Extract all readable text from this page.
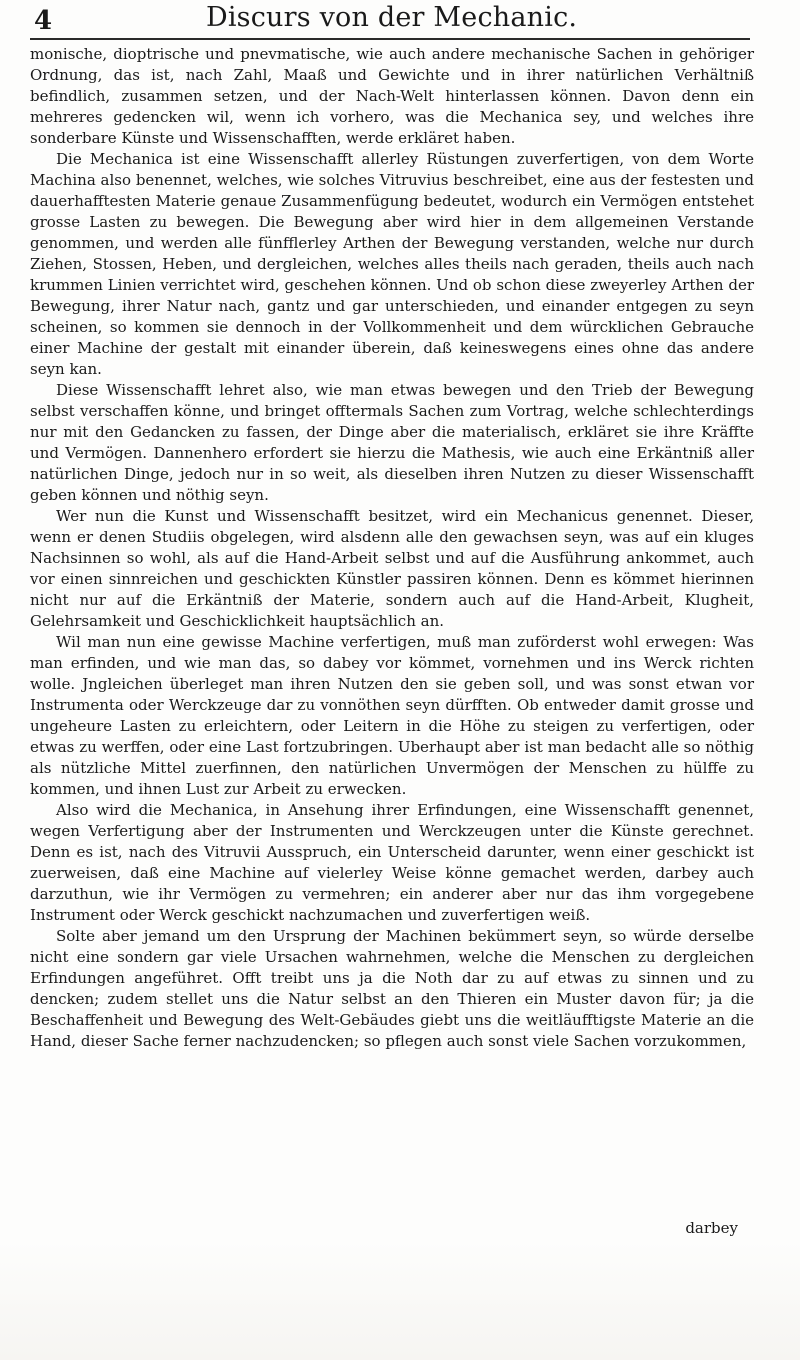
4	Discurs von der Mechanic.

monische, dioptrische und pnevmatische, wie auch andere mechanische Sachen in gehöriger Ordnung, das ist, nach Zahl, Maaß und Gewichte und in ihrer natürlichen Verhältniß befindlich, zusammen setzen, und der Nach-Welt hinterlassen können. Davon denn ein mehreres gedencken wil, wenn ich vorhero, was die Mechanica sey, und welches ihre sonderbare Künste und Wissenschafften, werde erkläret haben.

Die Mechanica ist eine Wissenschafft allerley Rüstungen zuverfertigen, von dem Worte Machina also benennet, welches, wie solches Vitruvius beschreibet, eine aus der festesten und dauerhafftesten Materie genaue Zusammenfügung bedeutet, wodurch ein Vermögen entstehet grosse Lasten zu bewegen. Die Bewegung aber wird hier in dem allgemeinen Verstande genommen, und werden alle fünfflerley Arthen der Bewegung verstanden, welche nur durch Ziehen, Stossen, Heben, und dergleichen, welches alles theils nach geraden, theils auch nach krummen Linien verrichtet wird, geschehen können. Und ob schon diese zweyerley Arthen der Bewegung, ihrer Natur nach, gantz und gar unterschieden, und einander entgegen zu seyn scheinen, so kommen sie dennoch in der Vollkommenheit und dem würcklichen Gebrauche einer Machine der gestalt mit einander überein, daß keineswegens eines ohne das andere seyn kan.

Diese Wissenschafft lehret also, wie man etwas bewegen und den Trieb der Bewegung selbst verschaffen könne, und bringet offtermals Sachen zum Vortrag, welche schlechterdings nur mit den Gedancken zu fassen, der Dinge aber die materialisch, erkläret sie ihre Kräffte und Vermögen. Dannenhero erfordert sie hierzu die Mathesis, wie auch eine Erkäntniß aller natürlichen Dinge, jedoch nur in so weit, als dieselben ihren Nutzen zu dieser Wissenschafft geben können und nöthig seyn.

Wer nun die Kunst und Wissenschafft besitzet, wird ein Mechanicus genennet. Dieser, wenn er denen Studiis obgelegen, wird alsdenn alle den gewachsen seyn, was auf ein kluges Nachsinnen so wohl, als auf die Hand-Arbeit selbst und auf die Ausführung ankommet, auch vor einen sinnreichen und geschickten Künstler passiren können. Denn es kömmet hierinnen nicht nur auf die Erkäntniß der Materie, sondern auch auf die Hand-Arbeit, Klugheit, Gelehrsamkeit und Geschicklichkeit hauptsächlich an.

Wil man nun eine gewisse Machine verfertigen, muß man zuförderst wohl erwegen: Was man erfinden, und wie man das, so dabey vor kömmet, vornehmen und ins Werck richten wolle. Jngleichen überleget man ihren Nutzen den sie geben soll, und was sonst etwan vor Instrumenta oder Werckzeuge dar zu vonnöthen seyn dürfften. Ob entweder damit grosse und ungeheure Lasten zu erleichtern, oder Leitern in die Höhe zu steigen zu verfertigen, oder etwas zu werffen, oder eine Last fortzubringen. Uberhaupt aber ist man bedacht alle so nöthig als nützliche Mittel zuerfinnen, den natürlichen Unvermögen der Menschen zu hülffe zu kommen, und ihnen Lust zur Arbeit zu erwecken.

Also wird die Mechanica, in Ansehung ihrer Erfindungen, eine Wissenschafft genennet, wegen Verfertigung aber der Instrumenten und Werckzeugen unter die Künste gerechnet. Denn es ist, nach des Vitruvii Ausspruch, ein Unterscheid darunter, wenn einer geschickt ist zuerweisen, daß eine Machine auf vielerley Weise könne gemachet werden, darbey auch darzuthun, wie ihr Vermögen zu vermehren; ein anderer aber nur das ihm vorgegebene Instrument oder Werck geschickt nachzumachen und zuverfertigen weiß.

Solte aber jemand um den Ursprung der Machinen bekümmert seyn, so würde derselbe nicht eine sondern gar viele Ursachen wahrnehmen, welche die Menschen zu dergleichen Erfindungen angeführet. Offt treibt uns ja die Noth dar zu auf etwas zu sinnen und zu dencken; zudem stellet uns die Natur selbst an den Thieren ein Muster davon für; ja die Beschaffenheit und Bewegung des Welt-Gebäudes giebt uns die weitläufftigste Materie an die Hand, dieser Sache ferner nachzudencken; so pflegen auch sonst viele Sachen vorzukommen,

darbey
